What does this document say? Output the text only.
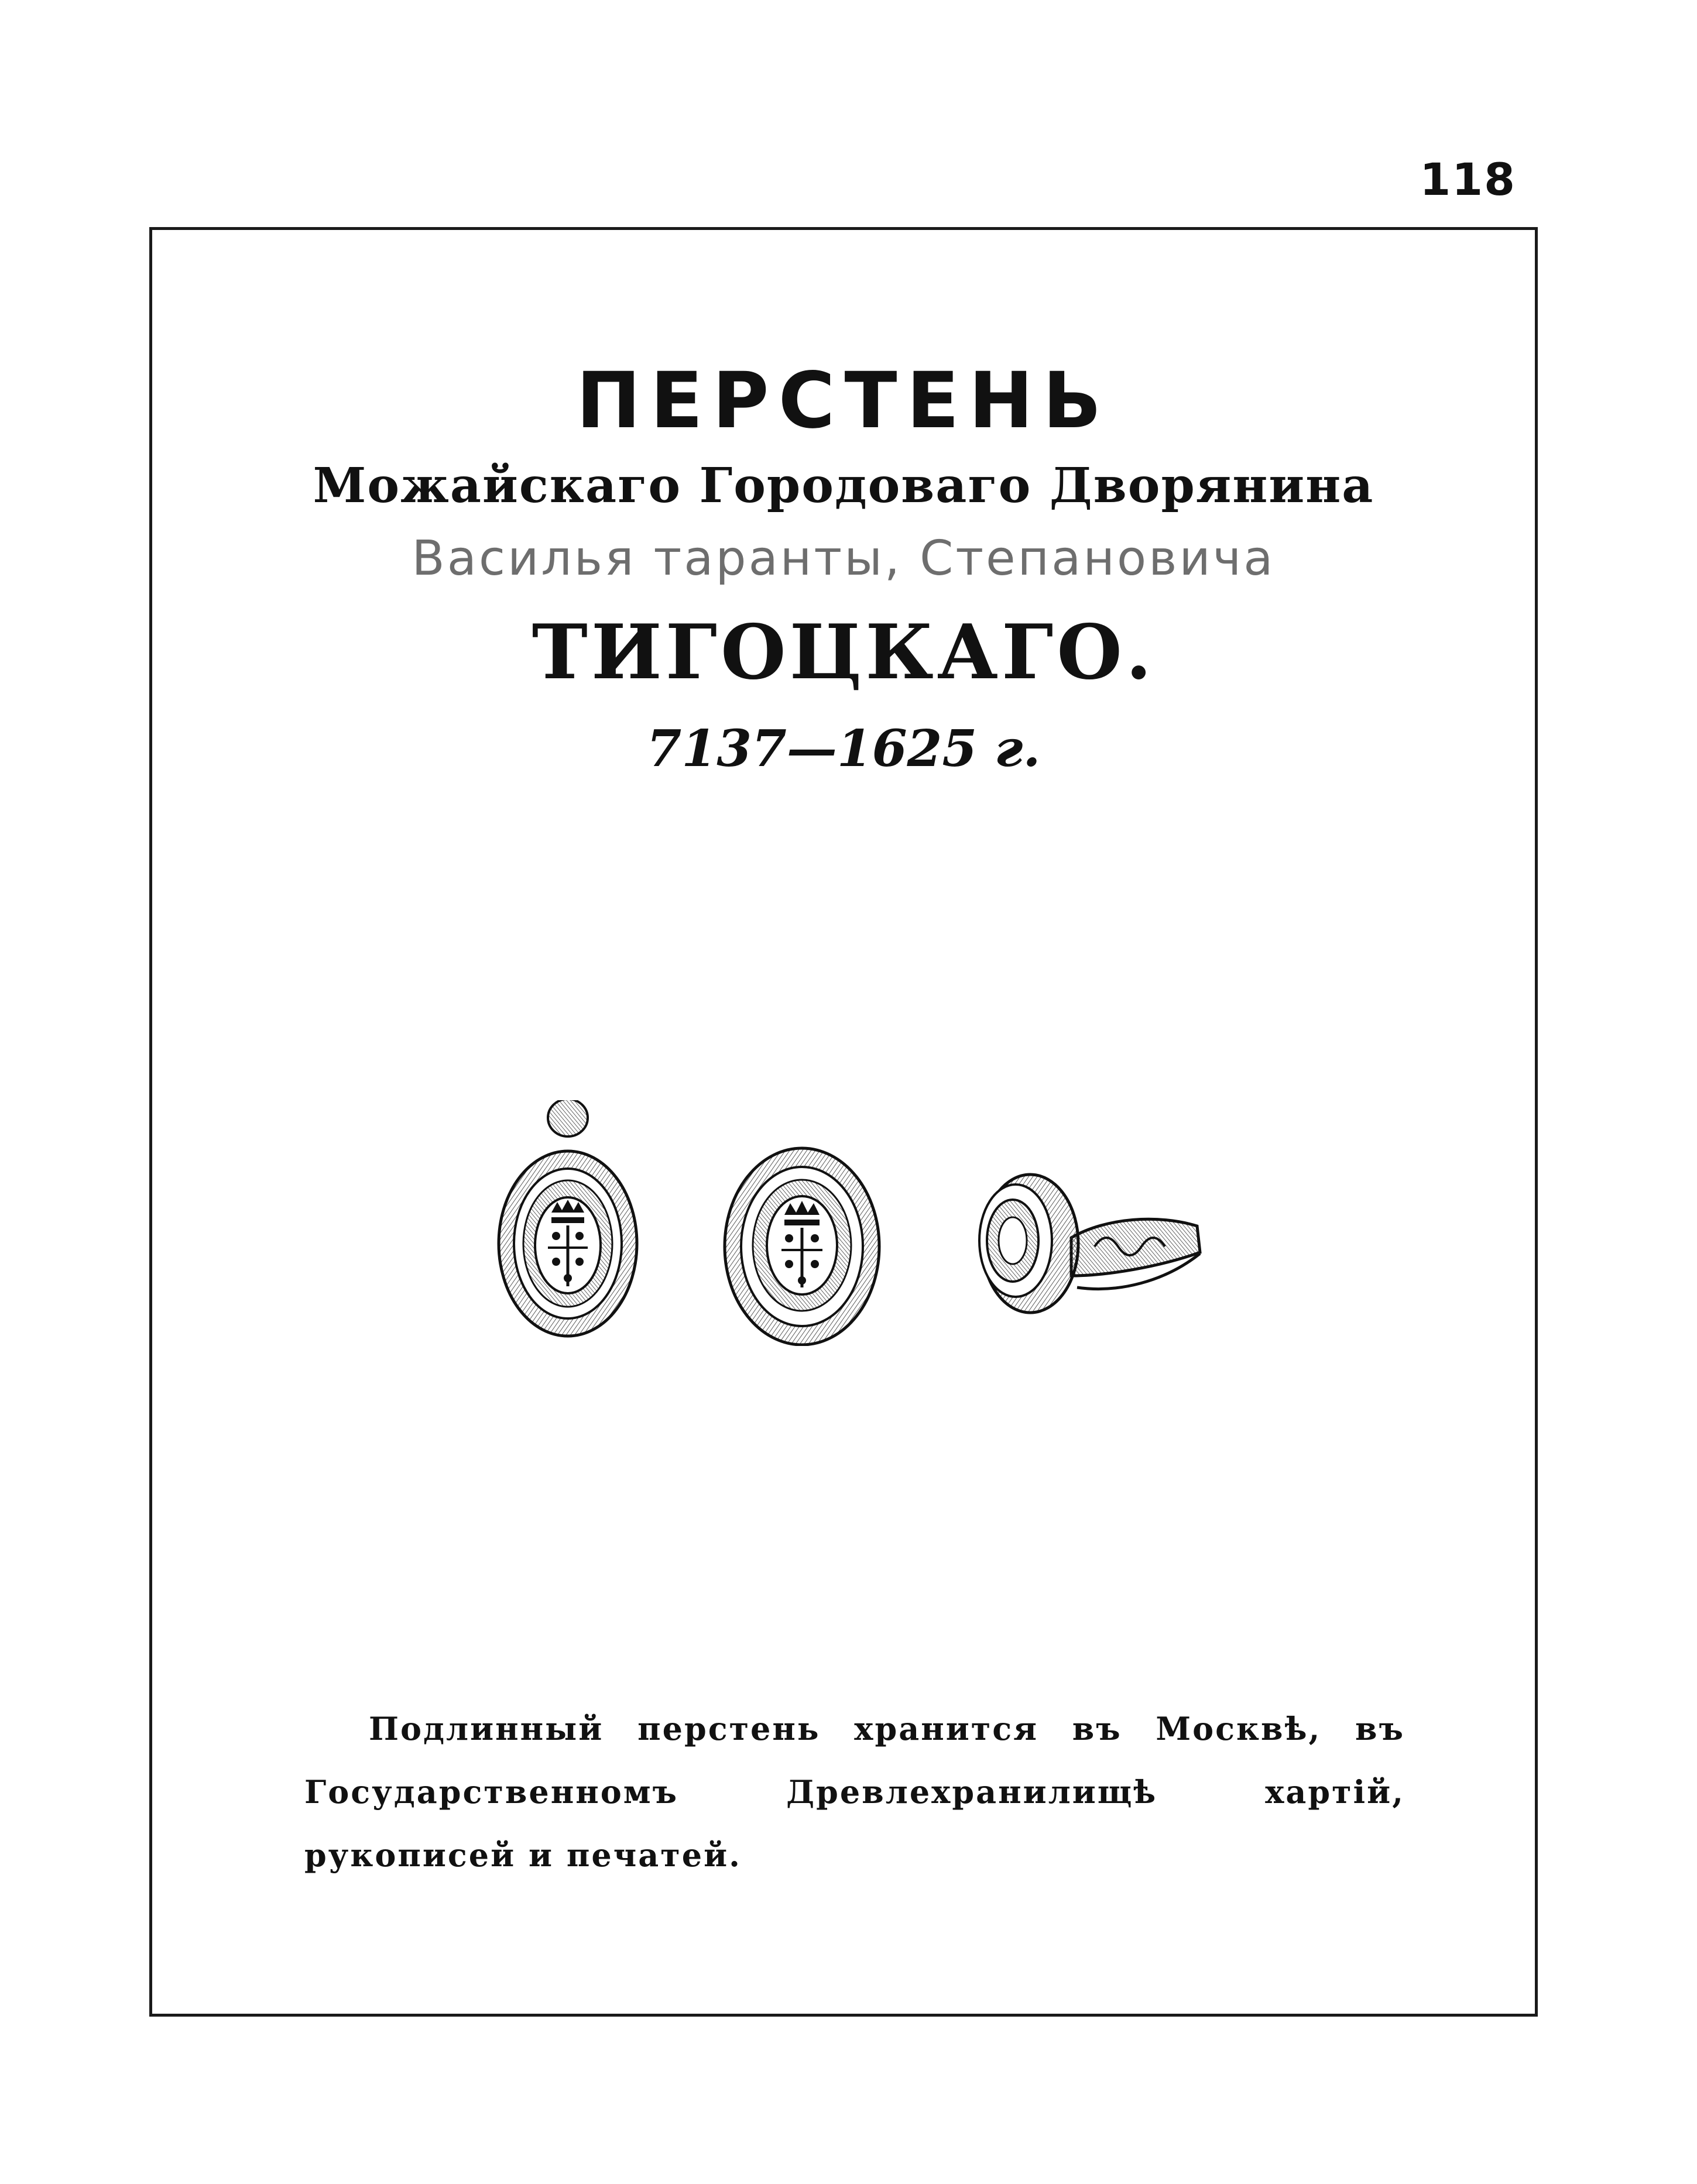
118
ПЕРСТЕНЬ
Можайскаго Городоваго Дворянина
Василья таранты, Степановича
ТИГОЦКАГО.
7137—1625 г.
Подлинный перстень хранится въ Москвѣ, въ Государственномъ Древлехранилищѣ хартій, рукописей и печатей.
